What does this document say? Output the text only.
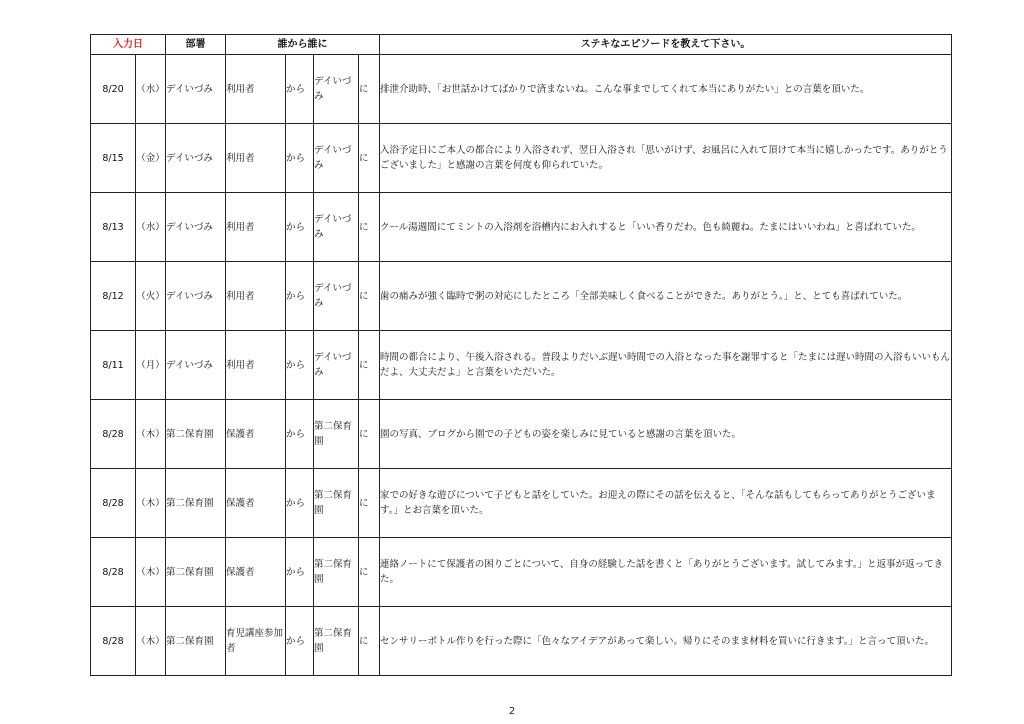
入力日		部署	誰から誰に				ステキなエピソードを教えて下さい。
8/20	（水）	デイいづみ	利用者	から	デイいづみ	に	排泄介助時、「お世話かけてばかりで済まないね。こんな事までしてくれて本当にありがたい」との言葉を頂いた。
8/15	（金）	デイいづみ	利用者	から	デイいづみ	に	入浴予定日にご本人の都合により入浴されず、翌日入浴され「思いがけず、お風呂に入れて頂けて本当に嬉しかったです。ありがとうございました」と感謝の言葉を何度も仰られていた。
8/13	（水）	デイいづみ	利用者	から	デイいづみ	に	クール湯週間にてミントの入浴剤を浴槽内にお入れすると「いい香りだわ。色も綺麗ね。たまにはいいわね」と喜ばれていた。
8/12	（火）	デイいづみ	利用者	から	デイいづみ	に	歯の痛みが強く臨時で粥の対応にしたところ「全部美味しく食べることができた。ありがとう。」と、とても喜ばれていた。
8/11	（月）	デイいづみ	利用者	から	デイいづみ	に	時間の都合により、午後入浴される。普段よりだいぶ遅い時間での入浴となった事を謝罪すると「たまには遅い時間の入浴もいいもんだよ、大丈夫だよ」と言葉をいただいた。
8/28	（木）	第二保育園	保護者	から	第二保育園	に	園の写真、ブログから園での子どもの姿を楽しみに見ていると感謝の言葉を頂いた。
8/28	（木）	第二保育園	保護者	から	第二保育園	に	家での好きな遊びについて子どもと話をしていた。お迎えの際にその話を伝えると、「そんな話もしてもらってありがとうございます。」とお言葉を頂いた。
8/28	（木）	第二保育園	保護者	から	第二保育園	に	連絡ノートにて保護者の困りごとについて、自身の経験した話を書くと「ありがとうございます。試してみます。」と返事が返ってきた。
8/28	（木）	第二保育園	育児講座参加者	から	第二保育園	に	センサリーボトル作りを行った際に「色々なアイデアがあって楽しい。帰りにそのまま材料を買いに行きます。」と言って頂いた。
2
